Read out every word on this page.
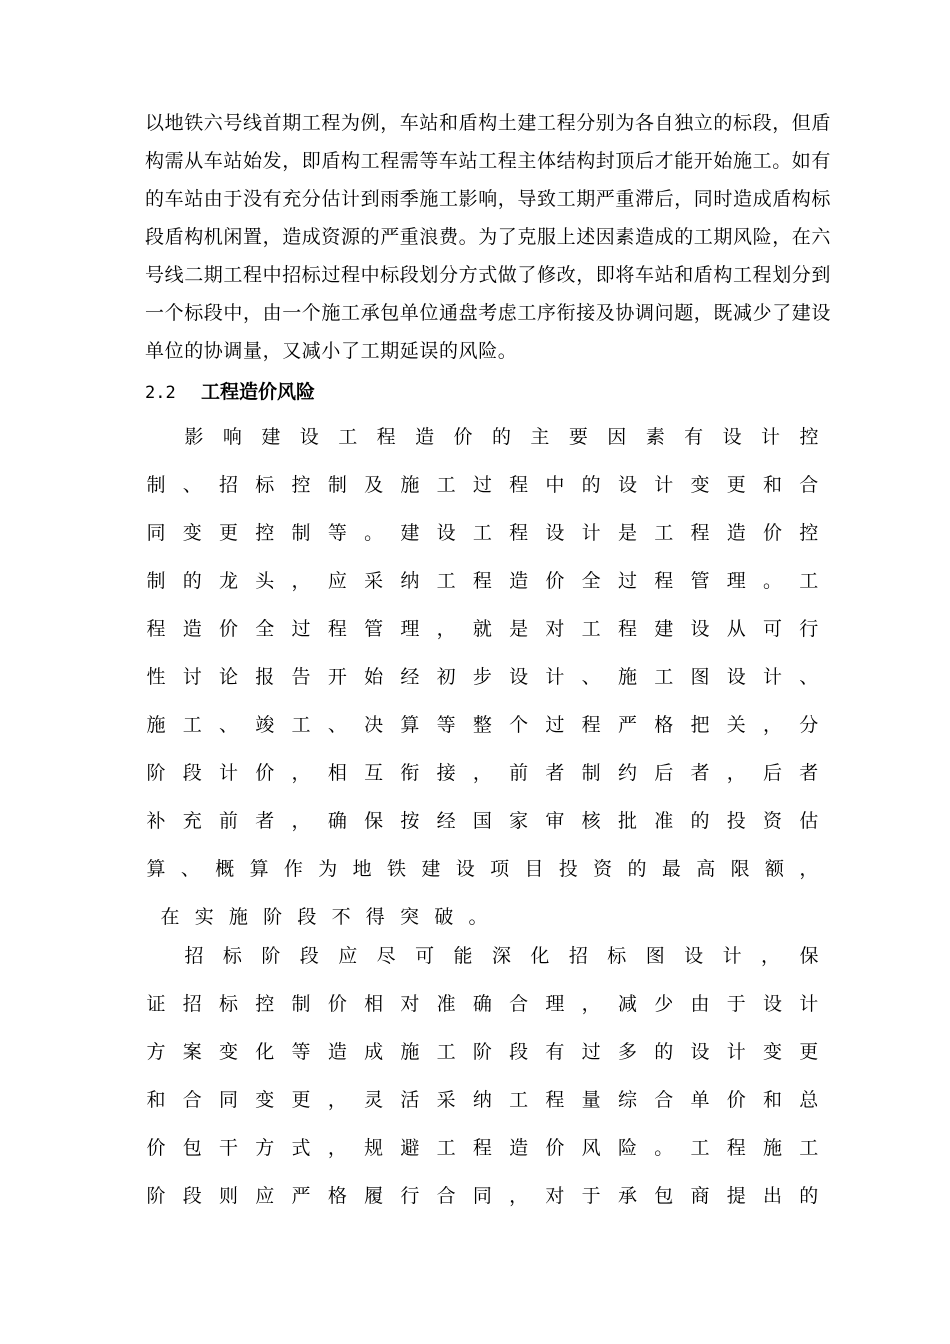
以地铁六号线首期工程为例，车站和盾构土建工程分别为各自独立的标段，但盾
构需从车站始发，即盾构工程需等车站工程主体结构封顶后才能开始施工。如有
的车站由于没有充分估计到雨季施工影响，导致工期严重滞后，同时造成盾构标
段盾构机闲置，造成资源的严重浪费。为了克服上述因素造成的工期风险，在六
号线二期工程中招标过程中标段划分方式做了修改，即将车站和盾构工程划分到
一个标段中，由一个施工承包单位通盘考虑工序衔接及协调问题，既减少了建设
单位的协调量，又减小了工期延误的风险。
2.2 工程造价风险
影 响 建 设 工 程 造 价 的 主 要 因 素 有 设 计 控
制 、 招 标 控 制 及 施 工 过 程 中 的 设 计 变 更 和 合
同 变 更 控 制 等 。 建 设 工 程 设 计 是 工 程 造 价 控
制 的 龙 头 ， 应 采 纳 工 程 造 价 全 过 程 管 理 。 工
程 造 价 全 过 程 管 理 ， 就 是 对 工 程 建 设 从 可 行
性 讨 论 报 告 开 始 经 初 步 设 计 、 施 工 图 设 计 、
施 工 、 竣 工 、 决 算 等 整 个 过 程 严 格 把 关 ， 分
阶 段 计 价 ， 相 互 衔 接 ， 前 者 制 约 后 者 ， 后 者
补 充 前 者 ， 确 保 按 经 国 家 审 核 批 准 的 投 资 估
算 、 概 算 作 为 地 铁 建 设 项 目 投 资 的 最 高 限 额 ，
在 实 施 阶 段 不 得 突 破 。
招 标 阶 段 应 尽 可 能 深 化 招 标 图 设 计 ， 保
证 招 标 控 制 价 相 对 准 确 合 理 ， 减 少 由 于 设 计
方 案 变 化 等 造 成 施 工 阶 段 有 过 多 的 设 计 变 更
和 合 同 变 更 ， 灵 活 采 纳 工 程 量 综 合 单 价 和 总
价 包 干 方 式 ， 规 避 工 程 造 价 风 险 。 工 程 施 工
阶 段 则 应 严 格 履 行 合 同 ， 对 于 承 包 商 提 出 的
